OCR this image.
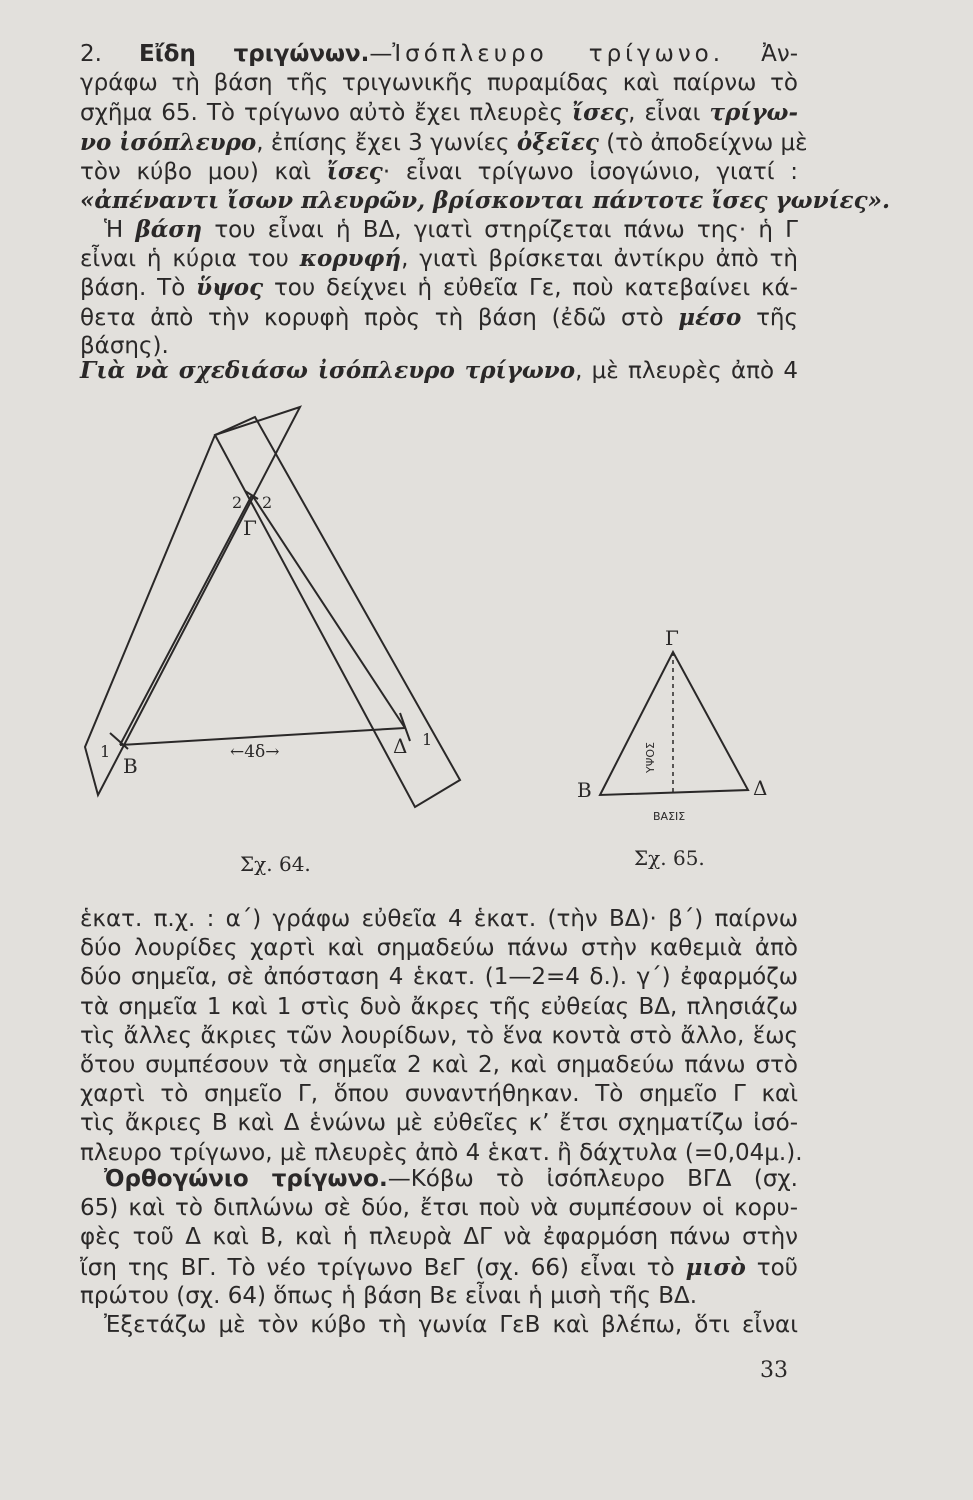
2. Εἴδη τριγώνων.—Ἰσόπλευρο τρίγωνο. Ἀν-
γράφω τὴ βάση τῆς τριγωνικῆς πυραμίδας καὶ παίρνω τὸ
σχῆμα 65. Τὸ τρίγωνο αὐτὸ ἔχει πλευρὲς ἴσες, εἶναι τρίγω-
νο ἰσόπλευρο, ἐπίσης ἔχει 3 γωνίες ὀξεῖες (τὸ ἀποδείχνω μὲ
τὸν κύβο μου) καὶ ἴσες· εἶναι τρίγωνο ἰσογώνιο, γιατί :
«ἀπέναντι ἴσων πλευρῶν, βρίσκονται πάντοτε ἴσες γωνίες».
Ἡ βάση του εἶναι ἡ ΒΔ, γιατὶ στηρίζεται πάνω της· ἡ Γ
εἶναι ἡ κύρια του κορυφή, γιατὶ βρίσκεται ἀντίκρυ ἀπὸ τὴ
βάση. Τὸ ὕψος του δείχνει ἡ εὐθεῖα Γε, ποὺ κατεβαίνει κά-
θετα ἀπὸ τὴν κορυφὴ πρὸς τὴ βάση (ἐδῶ στὸ μέσο τῆς
βάσης).
Γιὰ νὰ σχεδιάσω ἰσόπλευρο τρίγωνο, μὲ πλευρὲς ἀπὸ 4
Γ
Β
Δ
1
1
2 2
←4δ→
Γ
Β	Δ
ΒΑΣΙΣ
ΥΨΟΣ
Σχ. 64.	Σχ. 65.
ἑκατ. π.χ. : α΄) γράφω εὐθεῖα 4 ἑκατ. (τὴν ΒΔ)· β΄) παίρνω
δύο λουρίδες χαρτὶ καὶ σημαδεύω πάνω στὴν καθεμιὰ ἀπὸ
δύο σημεῖα, σὲ ἀπόσταση 4 ἑκατ. (1—2=4 δ.). γ΄) ἐφαρμόζω
τὰ σημεῖα 1 καὶ 1 στὶς δυὸ ἄκρες τῆς εὐθείας ΒΔ, πλησιάζω
τὶς ἄλλες ἄκριες τῶν λουρίδων, τὸ ἕνα κοντὰ στὸ ἄλλο, ἕως
ὅτου συμπέσουν τὰ σημεῖα 2 καὶ 2, καὶ σημαδεύω πάνω στὸ
χαρτὶ τὸ σημεῖο Γ, ὅπου συναντήθηκαν. Τὸ σημεῖο Γ καὶ
τὶς ἄκριες Β καὶ Δ ἑνώνω μὲ εὐθεῖες κ’ ἔτσι σχηματίζω ἰσό-
πλευρο τρίγωνο, μὲ πλευρὲς ἀπὸ 4 ἑκατ. ἢ δάχτυλα (=0,04μ.).
Ὀρθογώνιο τρίγωνο.—Κόβω τὸ ἰσόπλευρο ΒΓΔ (σχ.
65) καὶ τὸ διπλώνω σὲ δύο, ἔτσι ποὺ νὰ συμπέσουν οἱ κορυ-
φὲς τοῦ Δ καὶ Β, καὶ ἡ πλευρὰ ΔΓ νὰ ἐφαρμόση πάνω στὴν
ἴση της ΒΓ. Τὸ νέο τρίγωνο ΒεΓ (σχ. 66) εἶναι τὸ μισὸ τοῦ
πρώτου (σχ. 64) ὅπως ἡ βάση Βε εἶναι ἡ μισὴ τῆς ΒΔ.
Ἐξετάζω μὲ τὸν κύβο τὴ γωνία ΓεΒ καὶ βλέπω, ὅτι εἶναι
33
